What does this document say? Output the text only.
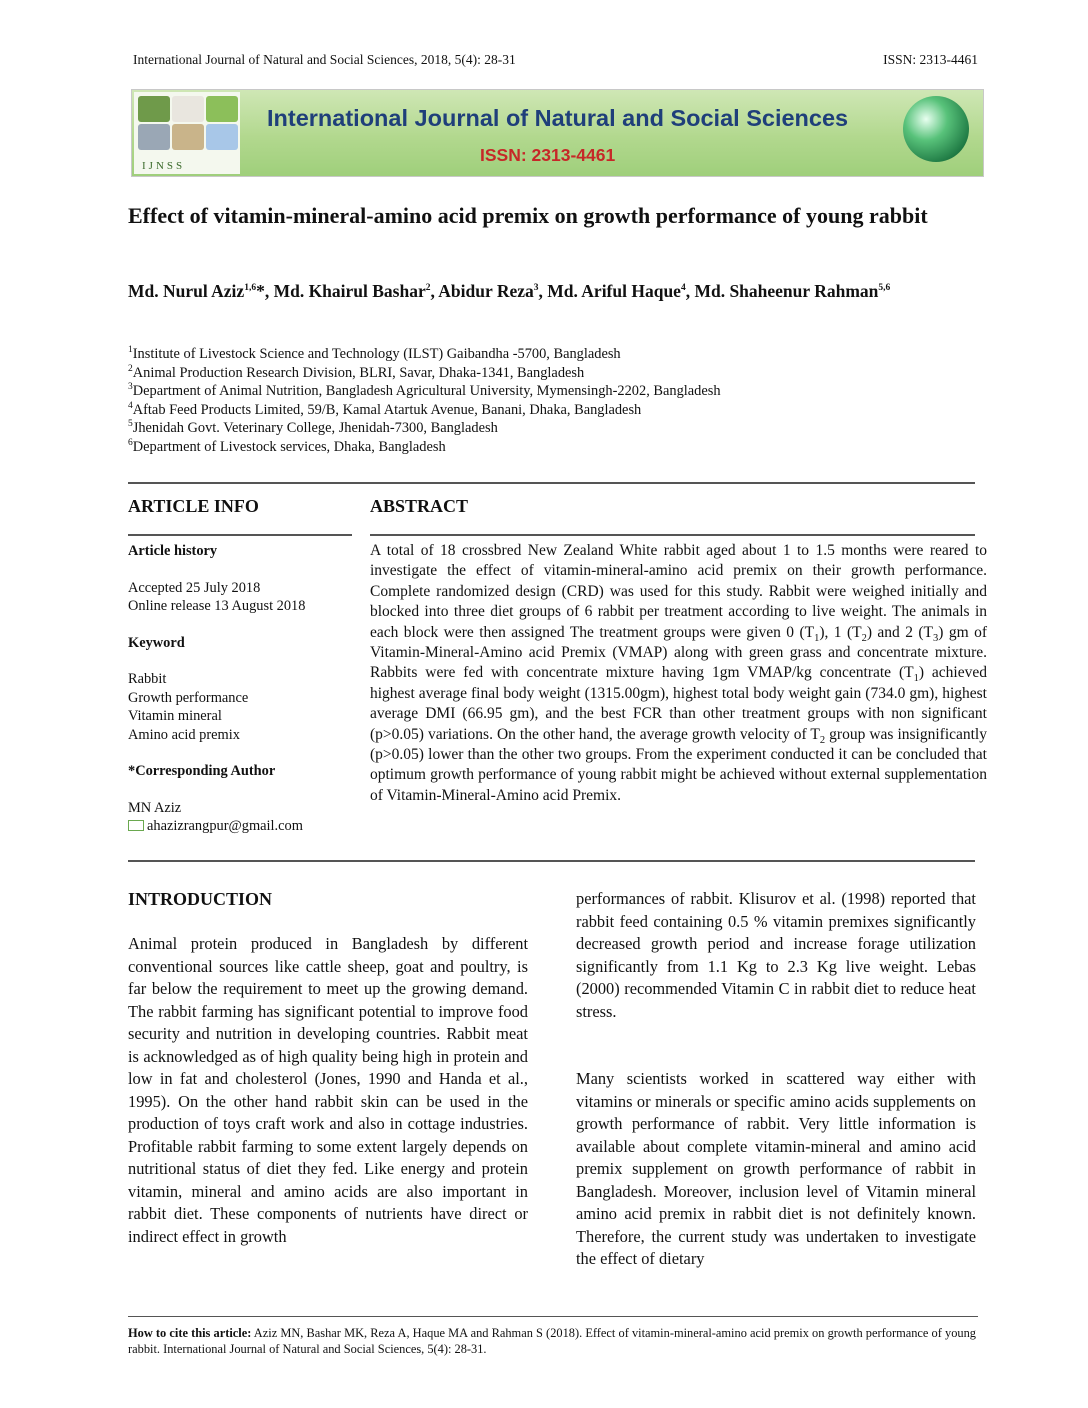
International Journal of Natural and Social Sciences, 2018, 5(4): 28-31	ISSN: 2313-4461
IJNSS
International Journal of Natural and Social Sciences
ISSN: 2313-4461
Effect of vitamin-mineral-amino acid premix on growth performance of young rabbit
Md. Nurul Aziz$^{1,6}$*, Md. Khairul Bashar$^2$, Abidur Reza$^3$, Md. Ariful Haque$^4$, Md. Shaheenur Rahman$^{5,6}$
$^1$Institute of Livestock Science and Technology (ILST) Gaibandha -5700, Bangladesh
$^2$Animal Production Research Division, BLRI, Savar, Dhaka-1341, Bangladesh
$^3$Department of Animal Nutrition, Bangladesh Agricultural University, Mymensingh-2202, Bangladesh
$^4$Aftab Feed Products Limited, 59/B, Kamal Atartuk Avenue, Banani, Dhaka, Bangladesh
$^5$Jhenidah Govt. Veterinary College, Jhenidah-7300, Bangladesh
$^6$Department of Livestock services, Dhaka, Bangladesh
ARTICLE INFO
Article history
Accepted 25 July 2018
Online release 13 August 2018
Keyword
Rabbit
Growth performance
Vitamin mineral
Amino acid premix
*Corresponding Author
MN Aziz
ahazizrangpur@gmail.com
ABSTRACT
A total of 18 crossbred New Zealand White rabbit aged about 1 to 1.5 months were reared to investigate the effect of vitamin-mineral-amino acid premix on their growth performance. Complete randomized design (CRD) was used for this study. Rabbit were weighed initially and blocked into three diet groups of 6 rabbit per treatment according to live weight. The animals in each block were then assigned The treatment groups were given 0 $(T_1)$, 1 $(T_2)$ and 2 $(T_3)$ gm of Vitamin-Mineral-Amino acid Premix (VMAP) along with green grass and concentrate mixture. Rabbits were fed with concentrate mixture having 1gm VMAP/kg concentrate $(T_1)$ achieved highest average final body weight (1315.00gm), highest total body weight gain (734.0 gm), highest average DMI (66.95 gm), and the best FCR than other treatment groups with non significant (p>0.05) variations. On the other hand, the average growth velocity of $T_2$ group was insignificantly (p>0.05) lower than the other two groups. From the experiment conducted it can be concluded that optimum growth performance of young rabbit might be achieved without external supplementation of Vitamin-Mineral-Amino acid Premix.
INTRODUCTION
Animal protein produced in Bangladesh by different conventional sources like cattle sheep, goat and poultry, is far below the requirement to meet up the growing demand. The rabbit farming has significant potential to improve food security and nutrition in developing countries. Rabbit meat is acknowledged as of high quality being high in protein and low in fat and cholesterol (Jones, 1990 and Handa et al., 1995). On the other hand rabbit skin can be used in the production of toys craft work and also in cottage industries. Profitable rabbit farming to some extent largely depends on nutritional status of diet they fed. Like energy and protein vitamin, mineral and amino acids are also important in rabbit diet. These components of nutrients have direct or indirect effect in growth
performances of rabbit. Klisurov et al. (1998) reported that rabbit feed containing 0.5 % vitamin premixes significantly decreased growth period and increase forage utilization significantly from 1.1 Kg to 2.3 Kg live weight. Lebas (2000) recommended Vitamin C in rabbit diet to reduce heat stress.
Many scientists worked in scattered way either with vitamins or minerals or specific amino acids supplements on growth performance of rabbit. Very little information is available about complete vitamin-mineral and amino acid premix supplement on growth performance of rabbit in Bangladesh. Moreover, inclusion level of Vitamin mineral amino acid premix in rabbit diet is not definitely known. Therefore, the current study was undertaken to investigate the effect of dietary
How to cite this article: Aziz MN, Bashar MK, Reza A, Haque MA and Rahman S (2018). Effect of vitamin-mineral-amino acid premix on growth performance of young rabbit. International Journal of Natural and Social Sciences, 5(4): 28-31.
